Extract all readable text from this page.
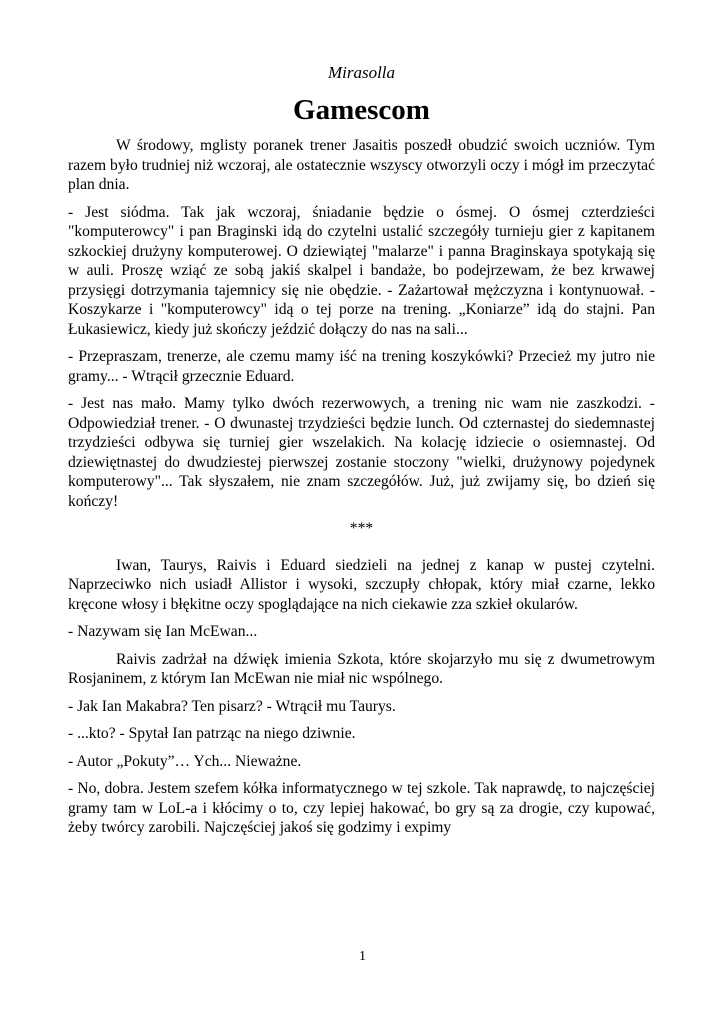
Mirasolla
Gamescom

W środowy, mglisty poranek trener Jasaitis poszedł obudzić swoich uczniów. Tym razem było trudniej niż wczoraj, ale ostatecznie wszyscy otworzyli oczy i mógł im przeczytać plan dnia.

- Jest siódma. Tak jak wczoraj, śniadanie będzie o ósmej. O ósmej czterdzieści "komputerowcy" i pan Braginski idą do czytelni ustalić szczegóły turnieju gier z kapitanem szkockiej drużyny komputerowej. O dziewiątej "malarze" i panna Braginskaya spotykają się w auli. Proszę wziąć ze sobą jakiś skalpel i bandaże, bo podejrzewam, że bez krwawej przysięgi dotrzymania tajemnicy się nie obędzie. - Zażartował mężczyzna i kontynuował. - Koszykarze i "komputerowcy" idą o tej porze na trening. „Koniarze” idą do stajni. Pan Łukasiewicz, kiedy już skończy jeździć dołączy do nas na sali...

- Przepraszam, trenerze, ale czemu mamy iść na trening koszykówki? Przecież my jutro nie gramy... - Wtrącił grzecznie Eduard.

- Jest nas mało. Mamy tylko dwóch rezerwowych, a trening nic wam nie zaszkodzi. - Odpowiedział trener. - O dwunastej trzydzieści będzie lunch. Od czternastej do siedemnastej trzydzieści odbywa się turniej gier wszelakich. Na kolację idziecie o osiemnastej. Od dziewiętnastej do dwudziestej pierwszej zostanie stoczony "wielki, drużynowy pojedynek komputerowy"... Tak słyszałem, nie znam szczegółów. Już, już zwijamy się, bo dzień się kończy!

***

Iwan, Taurys, Raivis i Eduard siedzieli na jednej z kanap w pustej czytelni. Naprzeciwko nich usiadł Allistor i wysoki, szczupły chłopak, który miał czarne, lekko kręcone włosy i błękitne oczy spoglądające na nich ciekawie zza szkieł okularów.

- Nazywam się Ian McEwan...

Raivis zadrżał na dźwięk imienia Szkota, które skojarzyło mu się z dwumetrowym Rosjaninem, z którym Ian McEwan nie miał nic wspólnego.

- Jak Ian Makabra? Ten pisarz? - Wtrącił mu Taurys.

- ...kto? - Spytał Ian patrząc na niego dziwnie.

- Autor „Pokuty”… Ych... Nieważne.

- No, dobra. Jestem szefem kółka informatycznego w tej szkole. Tak naprawdę, to najczęściej gramy tam w LoL-a i kłócimy o to, czy lepiej hakować, bo gry są za drogie, czy kupować, żeby twórcy zarobili. Najczęściej jakoś się godzimy i expimy

1
